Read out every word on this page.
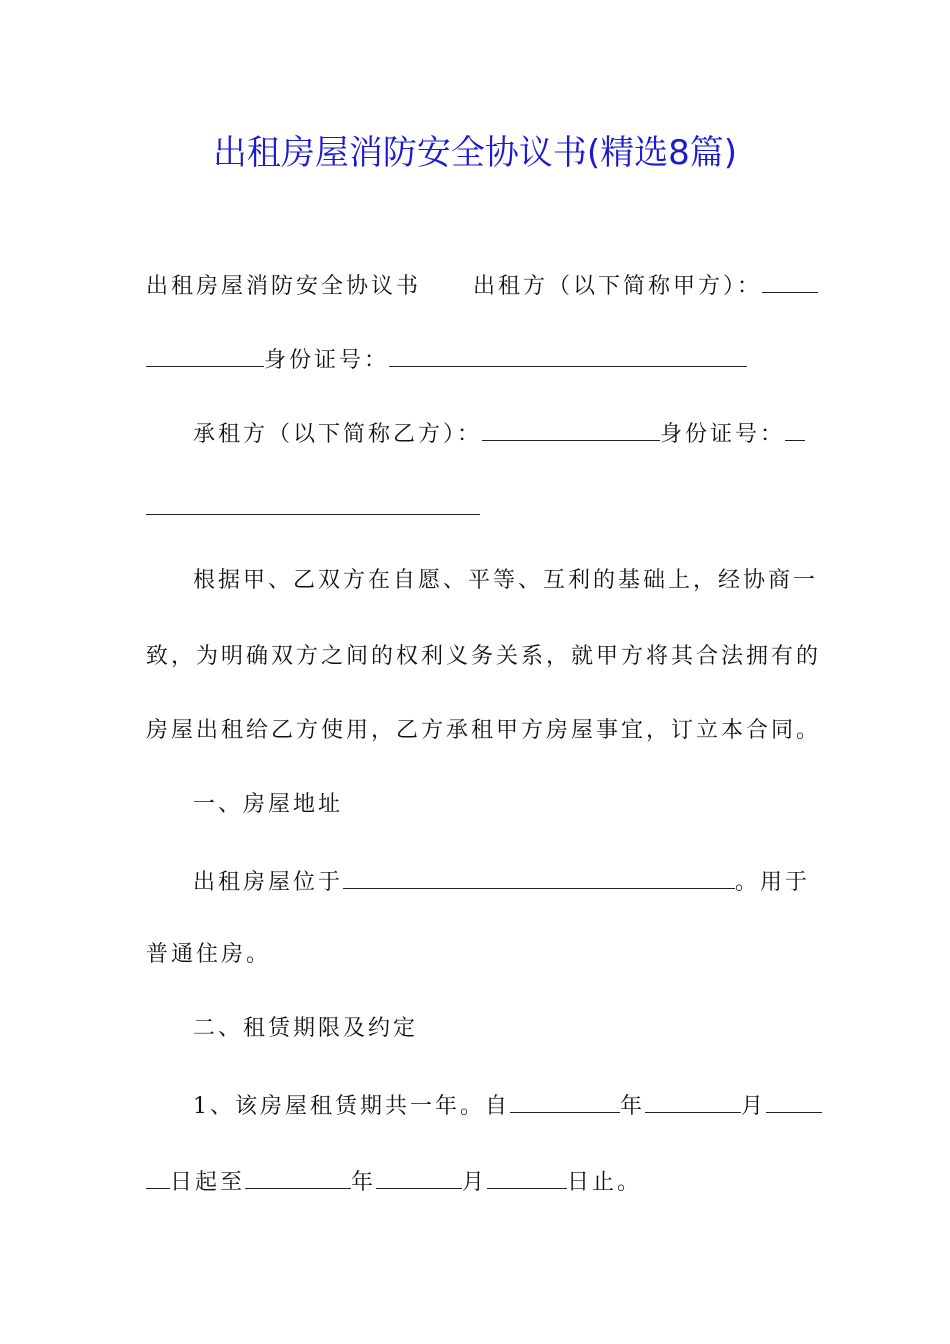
出租房屋消防安全协议书(精选8篇)
出租房屋消防安全协议书 出租方（以下简称甲方）：
身份证号：
承租方（以下简称乙方）：	身份证号：
根据甲、乙双方在自愿、平等、互利的基础上，经协商一
致，为明确双方之间的权利义务关系，就甲方将其合法拥有的
房屋出租给乙方使用，乙方承租甲方房屋事宜，订立本合同。
一、房屋地址
出租房屋位于	。用于
普通住房。
二、租赁期限及约定
1、该房屋租赁期共一年。自	年	月
日起至	年	月	日止。
